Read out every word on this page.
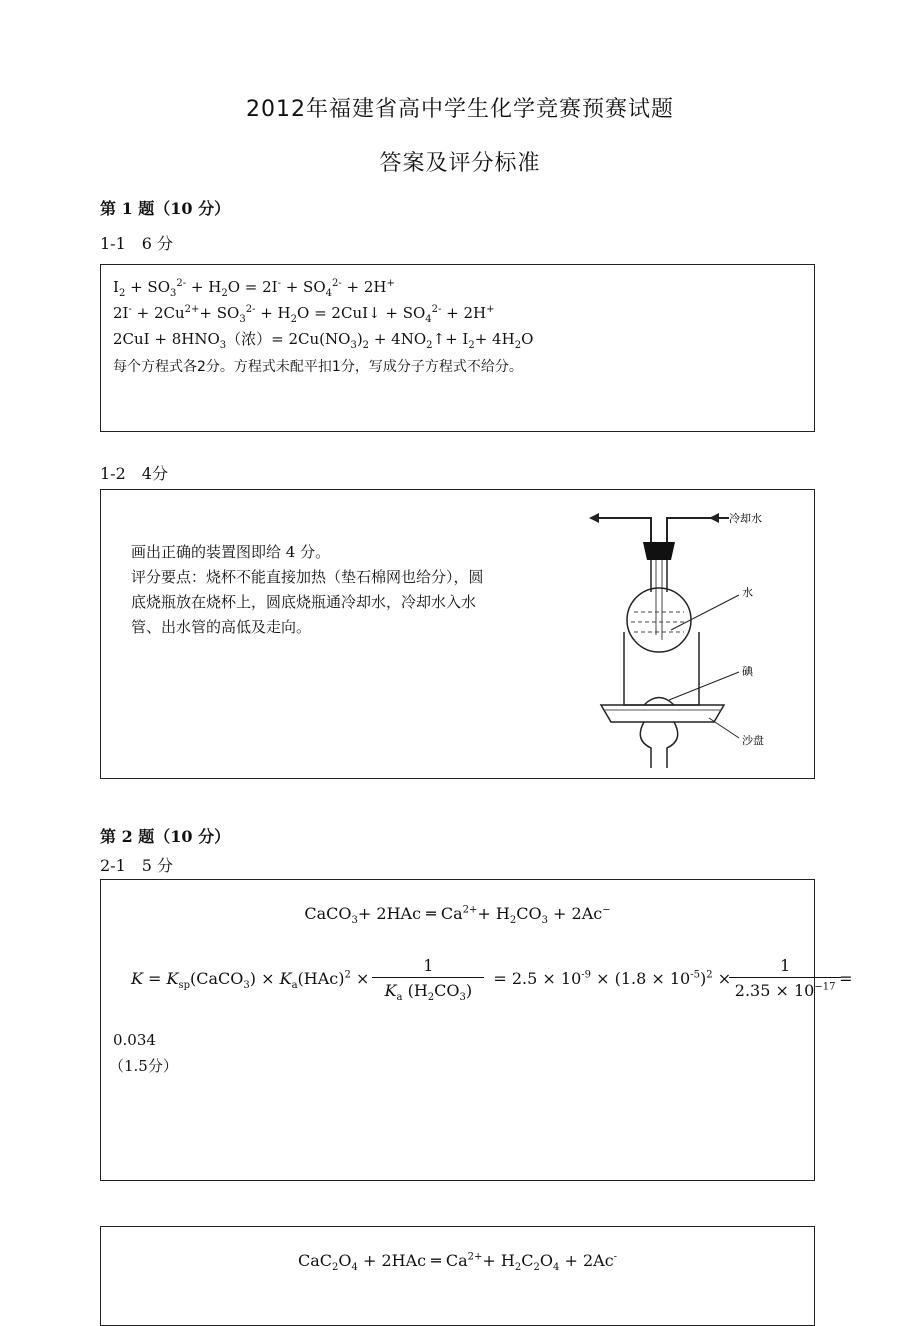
2012年福建省高中学生化学竞赛预赛试题
答案及评分标准
第 1 题（10 分）
1-1　6 分
$I_2 + SO_3^{2-} + H_2O = 2I^- + SO_4^{2-} + 2H^+$
$2I^- + 2Cu^{2+}+ SO_3^{2-} + H_2O$ = 2CuI↓ + $SO_4^{2-} + 2H^+$
$2CuI + 8HNO_3$（浓）= $2Cu(NO_3)_2$ + $4NO_2↑+ I_2+ 4H_2O$
每个方程式各2分。方程式未配平扣1分，写成分子方程式不给分。
1-2　4分
画出正确的装置图即给 4 分。
评分要点：烧杯不能直接加热（垫石棉网也给分），圆
底烧瓶放在烧杯上，圆底烧瓶通冷却水，冷却水入水
管、出水管的高低及走向。
冷却水
水
碘
沙盘
第 2 题（10 分）
2-1　5 分
CaCO$_3$+ 2HAc ═ $Ca^{2+}+ H_2CO_3 + 2Ac^-$
$K = K_{sp}(CaCO_3) \times K_a(HAc)^2 \times \frac{1}{K_a (H_2CO_3)} = 2.5 \times 10^{-9} \times (1.8 \times 10^{-5})^2 \times \frac{1}{2.35 \times 10^{-17}}$ =
0.034
（1.5分）
$CaC_2O_4 + 2HAc$ ═ $Ca^{2+}+ H_2C_2O_4 + 2Ac^-$
